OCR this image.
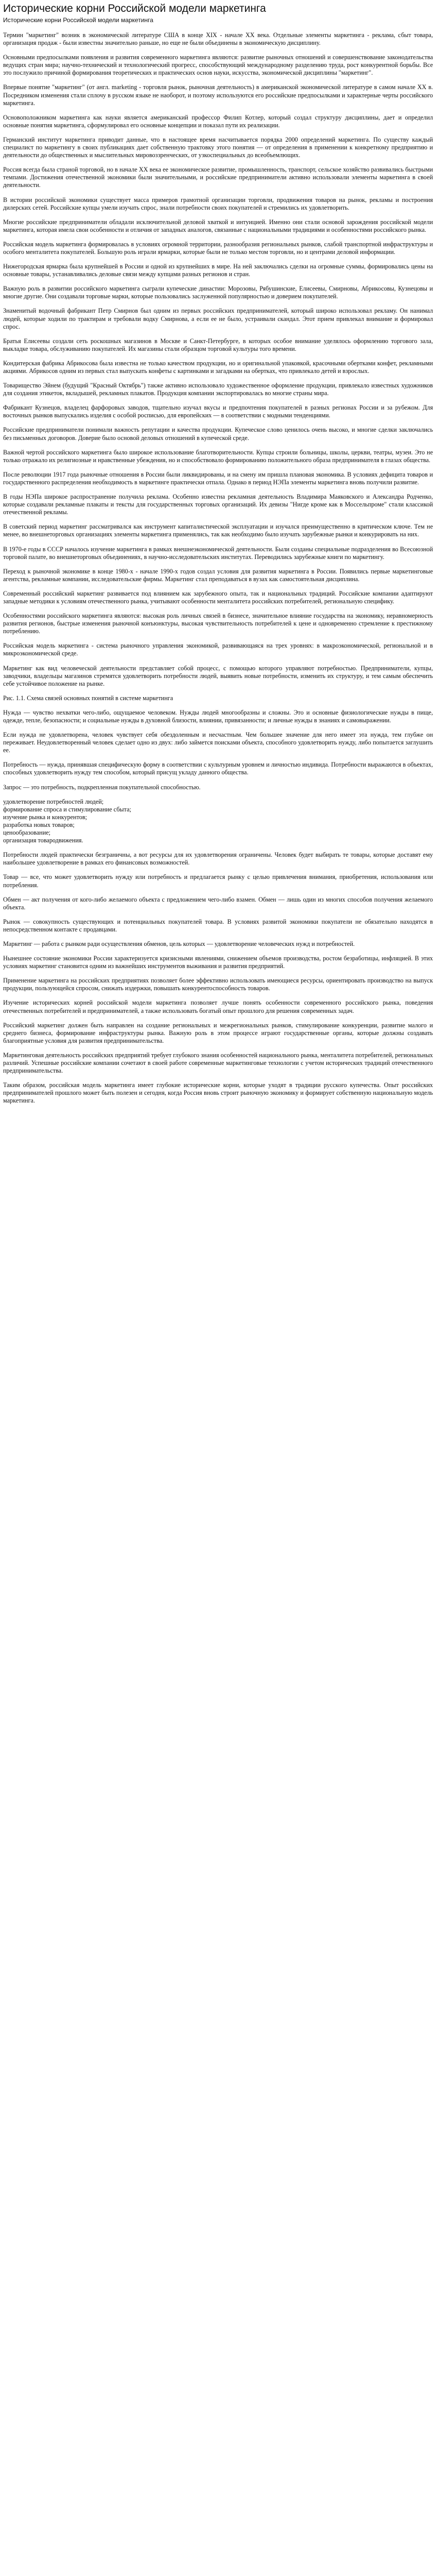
Исторические корни Российской модели маркетинга
Исторические корни Российской модели маркетинга

Термин "маркетинг" возник в экономической литературе США в конце XIX - начале XX века. Отдельные элементы маркетинга - реклама, сбыт товара, организация продаж - были известны значительно раньше, но еще не были объединены в экономическую дисциплину.

Основными предпосылками появления и развития современного маркетинга являются: развитие рыночных отношений и совершенствование законодательства ведущих стран мира; научно-технический и технологический прогресс, способствующий международному разделению труда, рост конкурентной борьбы. Все это послужило причиной формирования теоретических и практических основ науки, искусства, экономической дисциплины "маркетинг".

Впервые понятие "маркетинг" (от англ. marketing - торговля рынок, рыночная деятельность) в американской экономической литературе в самом начале XX в. Посредником изменения стали сплочу в русском языке не наоборот, и поэтому используются его российские предпосылками и характерные черты российского маркетинга.

Основоположником маркетинга как науки является американский профессор Филип Котлер, который создал структуру дисциплины, дает и определил основные понятия маркетинга, сформулировал его основные концепции и показал пути их реализации.

Германский институт маркетинга приводит данные, что в настоящее время насчитывается порядка 2000 определений маркетинга. По существу каждый специалист по маркетингу в своих публикациях дает собственную трактовку этого понятия — от определения в применении к конкретному предприятию и деятельности до общественных и мыслительных мировоззренческих, от узкоспециальных до всеобъемлющих.

Россия всегда была страной торговой, но в начале XX века ее экономическое развитие, промышленность, транспорт, сельское хозяйство развивались быстрыми темпами. Достижения отечественной экономики были значительными, и российские предприниматели активно использовали элементы маркетинга в своей деятельности.

В истории российской экономики существует масса примеров грамотной организации торговли, продвижения товаров на рынок, рекламы и построения дилерских сетей. Российские купцы умели изучать спрос, знали потребности своих покупателей и стремились их удовлетворить.

Многие российские предприниматели обладали исключительной деловой хваткой и интуицией. Именно они стали основой зарождения российской модели маркетинга, которая имела свои особенности и отличия от западных аналогов, связанные с национальными традициями и особенностями российского рынка.

Российская модель маркетинга формировалась в условиях огромной территории, разнообразия региональных рынков, слабой транспортной инфраструктуры и особого менталитета покупателей. Большую роль играли ярмарки, которые были не только местом торговли, но и центрами деловой информации.

Нижегородская ярмарка была крупнейшей в России и одной из крупнейших в мире. На ней заключались сделки на огромные суммы, формировались цены на основные товары, устанавливались деловые связи между купцами разных регионов и стран.

Важную роль в развитии российского маркетинга сыграли купеческие династии: Морозовы, Рябушинские, Елисеевы, Смирновы, Абрикосовы, Кузнецовы и многие другие. Они создавали торговые марки, которые пользовались заслуженной популярностью и доверием покупателей.

Знаменитый водочный фабрикант Петр Смирнов был одним из первых российских предпринимателей, который широко использовал рекламу. Он нанимал людей, которые ходили по трактирам и требовали водку Смирнова, а если ее не было, устраивали скандал. Этот прием привлекал внимание и формировал спрос.

Братья Елисеевы создали сеть роскошных магазинов в Москве и Санкт-Петербурге, в которых особое внимание уделялось оформлению торгового зала, выкладке товара, обслуживанию покупателей. Их магазины стали образцом торговой культуры того времени.

Кондитерская фабрика Абрикосова была известна не только качеством продукции, но и оригинальной упаковкой, красочными обертками конфет, рекламными акциями. Абрикосов одним из первых стал выпускать конфеты с картинками и загадками на обертках, что привлекало детей и взрослых.

Товарищество Эйнем (будущий "Красный Октябрь") также активно использовало художественное оформление продукции, привлекало известных художников для создания этикеток, вкладышей, рекламных плакатов. Продукция компании экспортировалась во многие страны мира.

Фабрикант Кузнецов, владелец фарфоровых заводов, тщательно изучал вкусы и предпочтения покупателей в разных регионах России и за рубежом. Для восточных рынков выпускались изделия с особой росписью, для европейских — в соответствии с модными тенденциями.

Российские предприниматели понимали важность репутации и качества продукции. Купеческое слово ценилось очень высоко, и многие сделки заключались без письменных договоров. Доверие было основой деловых отношений в купеческой среде.

Важной чертой российского маркетинга было широкое использование благотворительности. Купцы строили больницы, школы, церкви, театры, музеи. Это не только отражало их религиозные и нравственные убеждения, но и способствовало формированию положительного образа предпринимателя в глазах общества.

После революции 1917 года рыночные отношения в России были ликвидированы, и на смену им пришла плановая экономика. В условиях дефицита товаров и государственного распределения необходимость в маркетинге практически отпала. Однако в период НЭПа элементы маркетинга вновь получили развитие.

В годы НЭПа широкое распространение получила реклама. Особенно известна рекламная деятельность Владимира Маяковского и Александра Родченко, которые создавали рекламные плакаты и тексты для государственных торговых организаций. Их девизы "Нигде кроме как в Моссельпроме" стали классикой отечественной рекламы.

В советский период маркетинг рассматривался как инструмент капиталистической эксплуатации и изучался преимущественно в критическом ключе. Тем не менее, во внешнеторговых организациях элементы маркетинга применялись, так как необходимо было изучать зарубежные рынки и конкурировать на них.

В 1970-е годы в СССР началось изучение маркетинга в рамках внешнеэкономической деятельности. Были созданы специальные подразделения во Всесоюзной торговой палате, во внешнеторговых объединениях, в научно-исследовательских институтах. Переводились зарубежные книги по маркетингу.

Переход к рыночной экономике в конце 1980-х - начале 1990-х годов создал условия для развития маркетинга в России. Появились первые маркетинговые агентства, рекламные компании, исследовательские фирмы. Маркетинг стал преподаваться в вузах как самостоятельная дисциплина.

Современный российский маркетинг развивается под влиянием как зарубежного опыта, так и национальных традиций. Российские компании адаптируют западные методики к условиям отечественного рынка, учитывают особенности менталитета российских потребителей, региональную специфику.

Особенностями российского маркетинга являются: высокая роль личных связей в бизнесе, значительное влияние государства на экономику, неравномерность развития регионов, быстрые изменения рыночной конъюнктуры, высокая чувствительность потребителей к цене и одновременно стремление к престижному потреблению.

Российская модель маркетинга - система рыночного управления экономикой, развивающаяся на трех уровнях: в макроэкономической, региональной и в микроэкономической среде.

Маркетинг как вид человеческой деятельности представляет собой процесс, с помощью которого управляют потребностью. Предприниматели, купцы, заводчики, владельцы магазинов стремятся удовлетворить потребности людей, выявить новые потребности, изменить их структуру, и тем самым обеспечить себе устойчивое положение на рынке.

Рис. 1.1. Схема связей основных понятий в системе маркетинга

Нужда — чувство нехватки чего-либо, ощущаемое человеком. Нужды людей многообразны и сложны. Это и основные физиологические нужды в пище, одежде, тепле, безопасности; и социальные нужды в духовной близости, влиянии, привязанности; и личные нужды в знаниях и самовыражении.

Если нужда не удовлетворена, человек чувствует себя обездоленным и несчастным. Чем большее значение для него имеет эта нужда, тем глубже он переживает. Неудовлетворенный человек сделает одно из двух: либо займется поисками объекта, способного удовлетворить нужду, либо попытается заглушить ее.

Потребность — нужда, принявшая специфическую форму в соответствии с культурным уровнем и личностью индивида. Потребности выражаются в объектах, способных удовлетворить нужду тем способом, который присущ укладу данного общества.

Запрос — это потребность, подкрепленная покупательной способностью.

удовлетворение потребностей людей;
формирование спроса и стимулирование сбыта;
изучение рынка и конкурентов;
разработка новых товаров;
ценообразование;
организация товародвижения.

Потребности людей практически безграничны, а вот ресурсы для их удовлетворения ограничены. Человек будет выбирать те товары, которые доставят ему наибольшее удовлетворение в рамках его финансовых возможностей.

Товар — все, что может удовлетворить нужду или потребность и предлагается рынку с целью привлечения внимания, приобретения, использования или потребления.

Обмен — акт получения от кого-либо желаемого объекта с предложением чего-либо взамен. Обмен — лишь один из многих способов получения желаемого объекта.

Рынок — совокупность существующих и потенциальных покупателей товара. В условиях развитой экономики покупатели не обязательно находятся в непосредственном контакте с продавцами.

Маркетинг — работа с рынком ради осуществления обменов, цель которых — удовлетворение человеческих нужд и потребностей.

Нынешнее состояние экономики России характеризуется кризисными явлениями, снижением объемов производства, ростом безработицы, инфляцией. В этих условиях маркетинг становится одним из важнейших инструментов выживания и развития предприятий.

Применение маркетинга на российских предприятиях позволяет более эффективно использовать имеющиеся ресурсы, ориентировать производство на выпуск продукции, пользующейся спросом, снижать издержки, повышать конкурентоспособность товаров.

Изучение исторических корней российской модели маркетинга позволяет лучше понять особенности современного российского рынка, поведения отечественных потребителей и предпринимателей, а также использовать богатый опыт прошлого для решения современных задач.

Российский маркетинг должен быть направлен на создание региональных и межрегиональных рынков, стимулирование конкуренции, развитие малого и среднего бизнеса, формирование инфраструктуры рынка. Важную роль в этом процессе играют государственные органы, которые должны создавать благоприятные условия для развития предпринимательства.

Маркетинговая деятельность российских предприятий требует глубокого знания особенностей национального рынка, менталитета потребителей, региональных различий. Успешные российские компании сочетают в своей работе современные маркетинговые технологии с учетом исторических традиций отечественного предпринимательства.

Таким образом, российская модель маркетинга имеет глубокие исторические корни, которые уходят в традиции русского купечества. Опыт российских предпринимателей прошлого может быть полезен и сегодня, когда Россия вновь строит рыночную экономику и формирует собственную национальную модель маркетинга.
